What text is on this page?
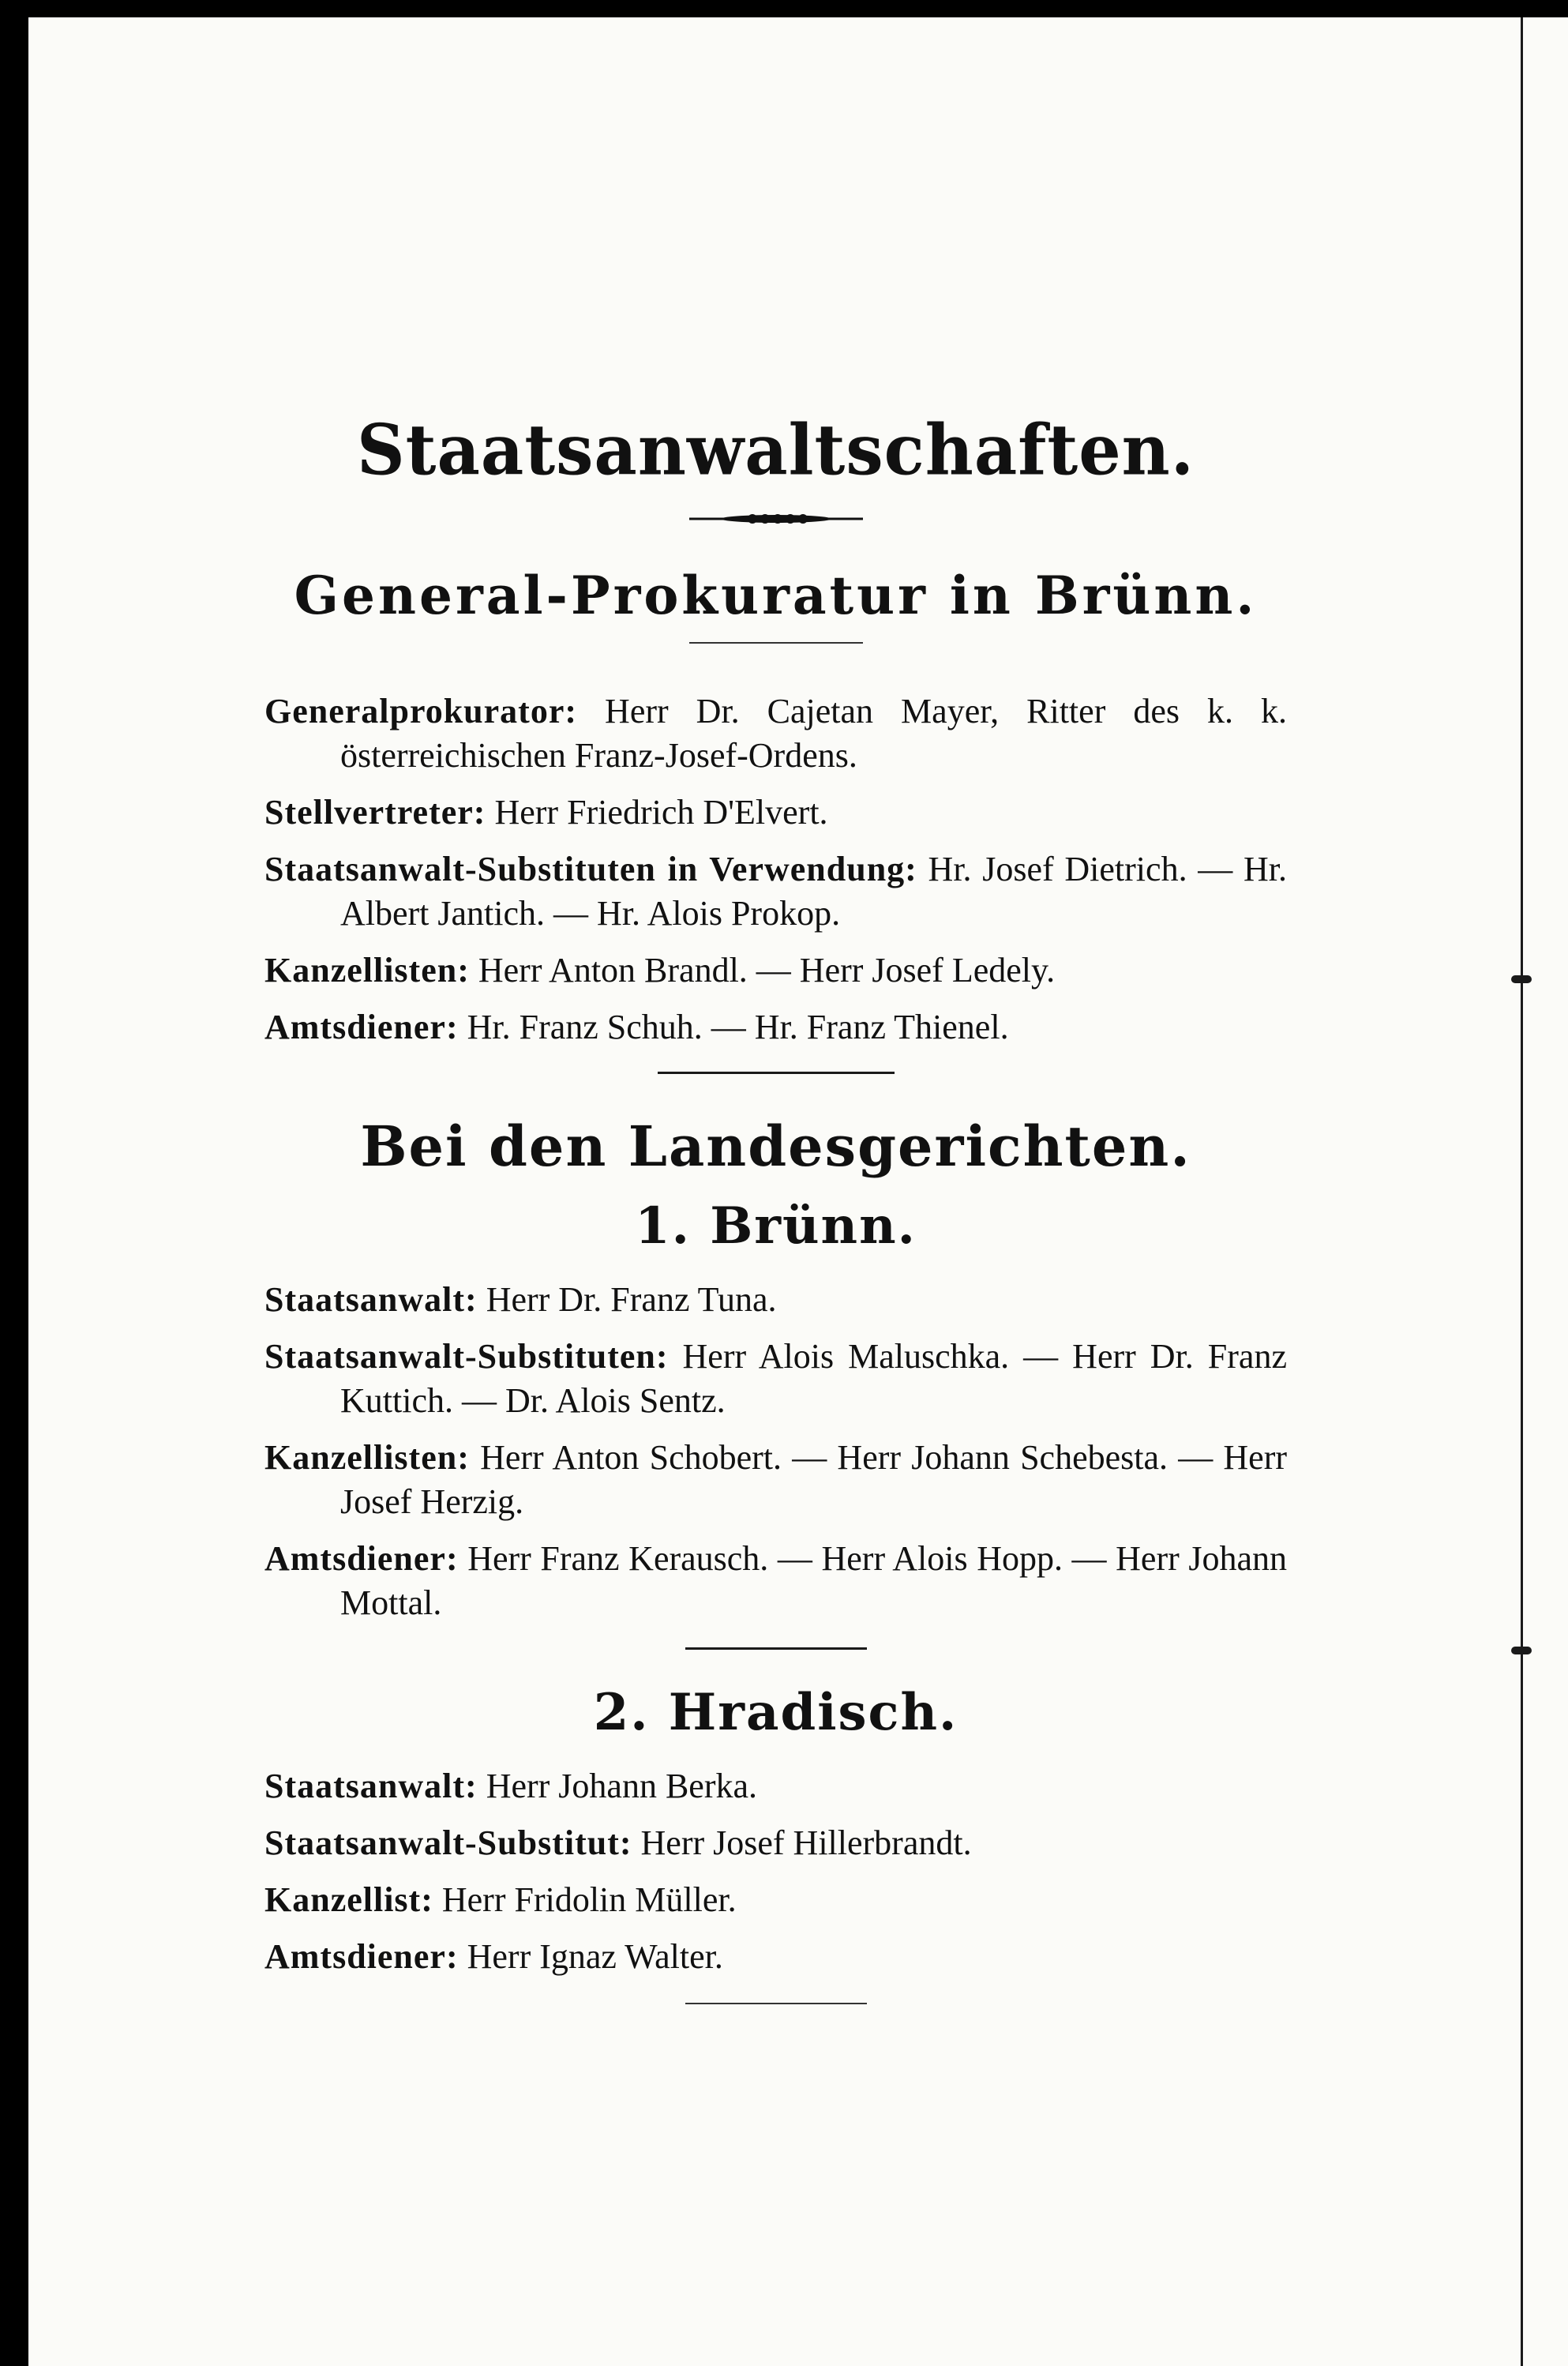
Staatsanwaltschaften.
General-Prokuratur in Brünn.

Generalprokurator: Herr Dr. Cajetan Mayer, Ritter des k. k. österreichischen Franz-Josef-Ordens.

Stellvertreter: Herr Friedrich D'Elvert.

Staatsanwalt-Substituten in Verwendung: Hr. Josef Dietrich. — Hr. Albert Jantich. — Hr. Alois Prokop.

Kanzellisten: Herr Anton Brandl. — Herr Josef Ledely.

Amtsdiener: Hr. Franz Schuh. — Hr. Franz Thienel.

Bei den Landesgerichten.
1. Brünn.

Staatsanwalt: Herr Dr. Franz Tuna.

Staatsanwalt-Substituten: Herr Alois Maluschka. — Herr Dr. Franz Kuttich. — Dr. Alois Sentz.

Kanzellisten: Herr Anton Schobert. — Herr Johann Schebesta. — Herr Josef Herzig.

Amtsdiener: Herr Franz Kerausch. — Herr Alois Hopp. — Herr Johann Mottal.

2. Hradisch.

Staatsanwalt: Herr Johann Berka.

Staatsanwalt-Substitut: Herr Josef Hillerbrandt.

Kanzellist: Herr Fridolin Müller.

Amtsdiener: Herr Ignaz Walter.
